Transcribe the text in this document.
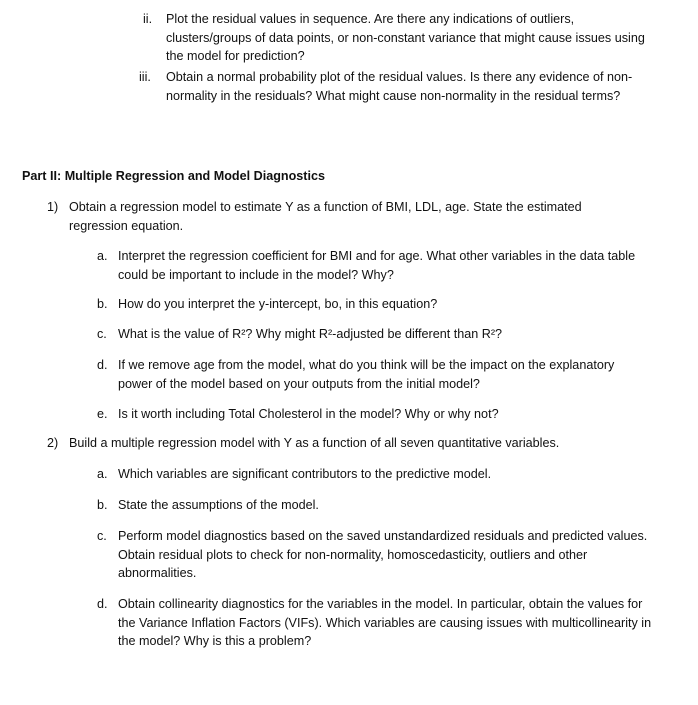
ii. Plot the residual values in sequence. Are there any indications of outliers, clusters/groups of data points, or non-constant variance that might cause issues using the model for prediction?
iii. Obtain a normal probability plot of the residual values. Is there any evidence of non-normality in the residuals? What might cause non-normality in the residual terms?
Part II: Multiple Regression and Model Diagnostics
1) Obtain a regression model to estimate Y as a function of BMI, LDL, age. State the estimated regression equation.
a. Interpret the regression coefficient for BMI and for age. What other variables in the data table could be important to include in the model? Why?
b. How do you interpret the y-intercept, bo, in this equation?
c. What is the value of R²? Why might R²-adjusted be different than R²?
d. If we remove age from the model, what do you think will be the impact on the explanatory power of the model based on your outputs from the initial model?
e. Is it worth including Total Cholesterol in the model? Why or why not?
2) Build a multiple regression model with Y as a function of all seven quantitative variables.
a. Which variables are significant contributors to the predictive model.
b. State the assumptions of the model.
c. Perform model diagnostics based on the saved unstandardized residuals and predicted values. Obtain residual plots to check for non-normality, homoscedasticity, outliers and other abnormalities.
d. Obtain collinearity diagnostics for the variables in the model. In particular, obtain the values for the Variance Inflation Factors (VIFs). Which variables are causing issues with multicollinearity in the model? Why is this a problem?
